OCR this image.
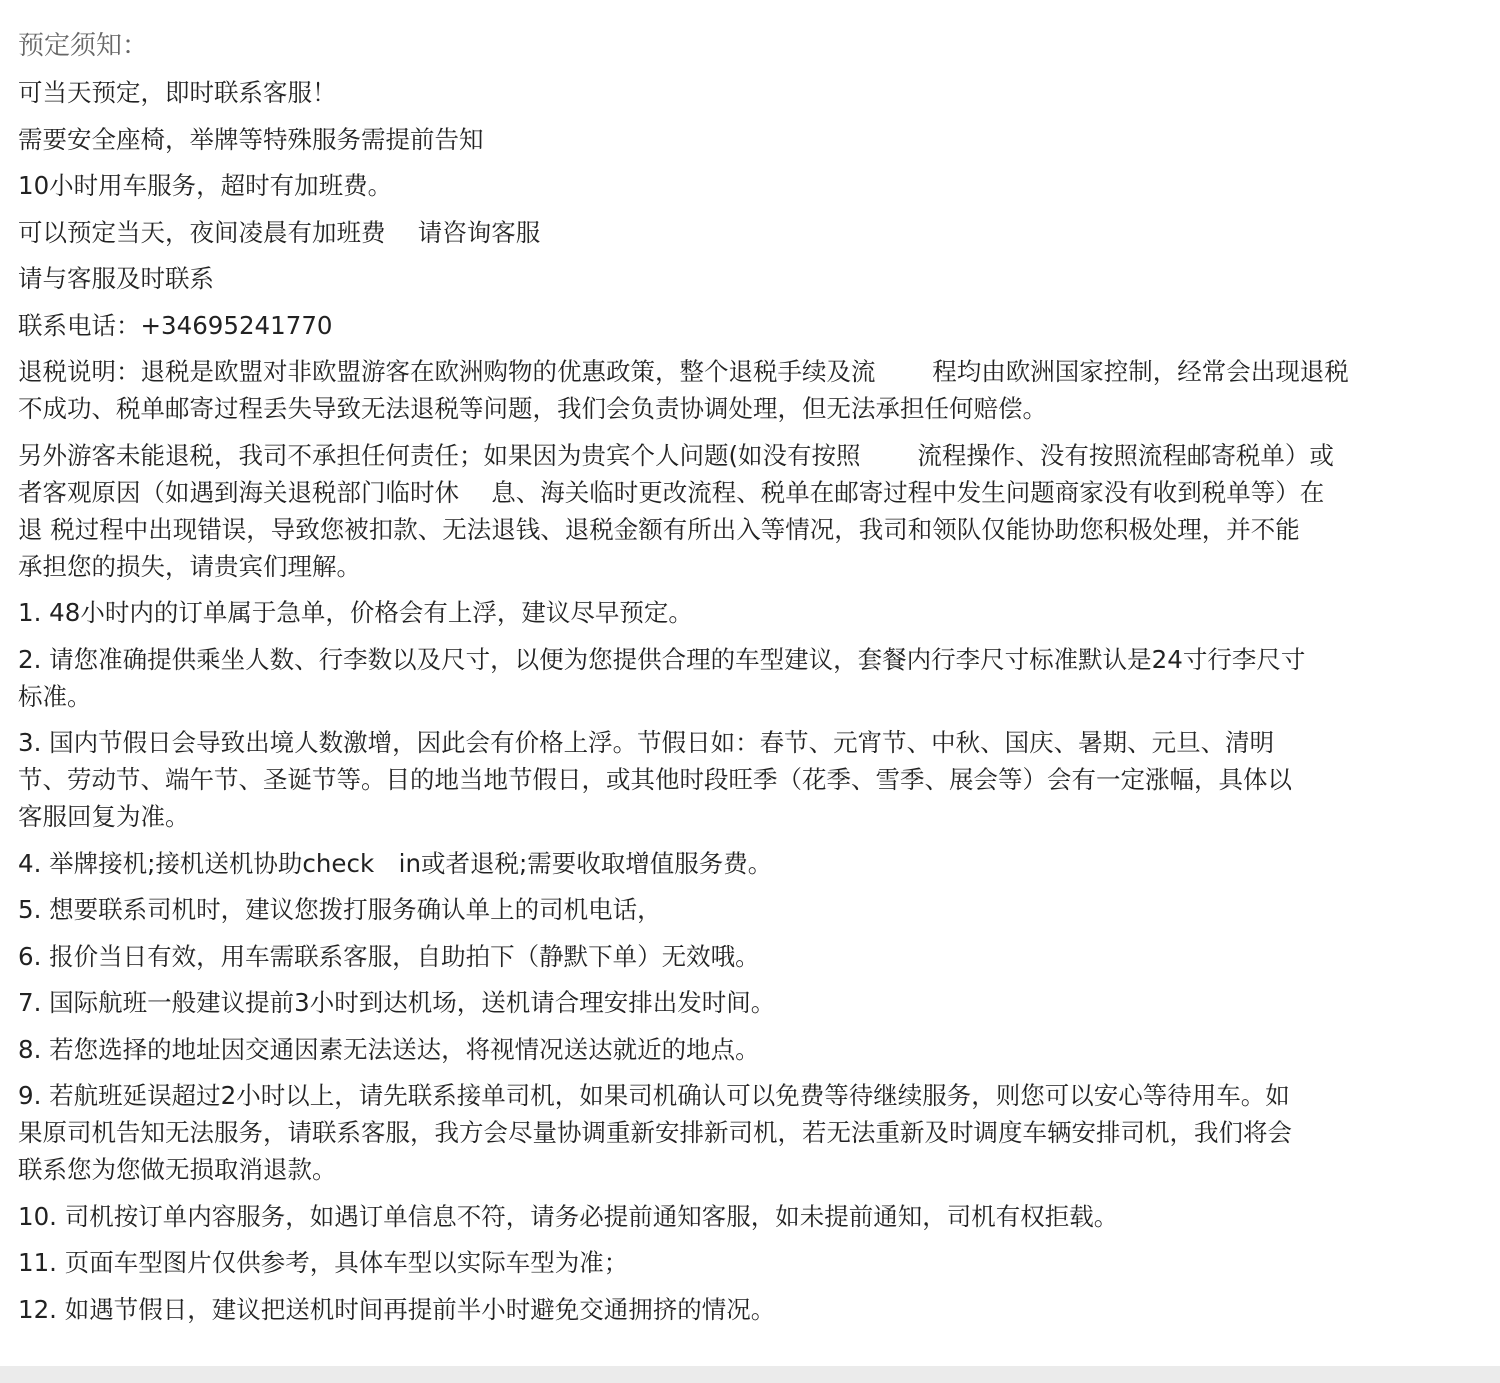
预定须知：
可当天预定，即时联系客服！
需要安全座椅，举牌等特殊服务需提前告知
10小时用车服务，超时有加班费。
可以预定当天，夜间凌晨有加班费　 请咨询客服
请与客服及时联系
联系电话：+34695241770
退税说明：退税是欧盟对非欧盟游客在欧洲购物的优惠政策，整个退税手续及流　　 程均由欧洲国家控制，经常会出现退税
不成功、税单邮寄过程丢失导致无法退税等问题，我们会负责协调处理，但无法承担任何赔偿。
另外游客未能退税，我司不承担任何责任；如果因为贵宾个人问题(如没有按照　　 流程操作、没有按照流程邮寄税单）或
者客观原因（如遇到海关退税部门临时休　 息、海关临时更改流程、税单在邮寄过程中发生问题商家没有收到税单等）在
退 税过程中出现错误，导致您被扣款、无法退钱、退税金额有所出入等情况，我司和领队仅能协助您积极处理，并不能
承担您的损失，请贵宾们理解。
1. 48小时内的订单属于急单，价格会有上浮，建议尽早预定。
2. 请您准确提供乘坐人数、行李数以及尺寸，以便为您提供合理的车型建议，套餐内行李尺寸标准默认是24寸行李尺寸
标准。
3. 国内节假日会导致出境人数激增，因此会有价格上浮。节假日如：春节、元宵节、中秋、国庆、暑期、元旦、清明
节、劳动节、端午节、圣诞节等。目的地当地节假日，或其他时段旺季（花季、雪季、展会等）会有一定涨幅，具体以
客服回复为准。
4. 举牌接机;接机送机协助check　in或者退税;需要收取增值服务费。
5. 想要联系司机时，建议您拨打服务确认单上的司机电话，
6. 报价当日有效，用车需联系客服，自助拍下（静默下单）无效哦。
7. 国际航班一般建议提前3小时到达机场，送机请合理安排出发时间。
8. 若您选择的地址因交通因素无法送达，将视情况送达就近的地点。
9. 若航班延误超过2小时以上，请先联系接单司机，如果司机确认可以免费等待继续服务，则您可以安心等待用车。如
果原司机告知无法服务，请联系客服，我方会尽量协调重新安排新司机，若无法重新及时调度车辆安排司机，我们将会
联系您为您做无损取消退款。
10. 司机按订单内容服务，如遇订单信息不符，请务必提前通知客服，如未提前通知，司机有权拒载。
11. 页面车型图片仅供参考，具体车型以实际车型为准；
12. 如遇节假日，建议把送机时间再提前半小时避免交通拥挤的情况。
